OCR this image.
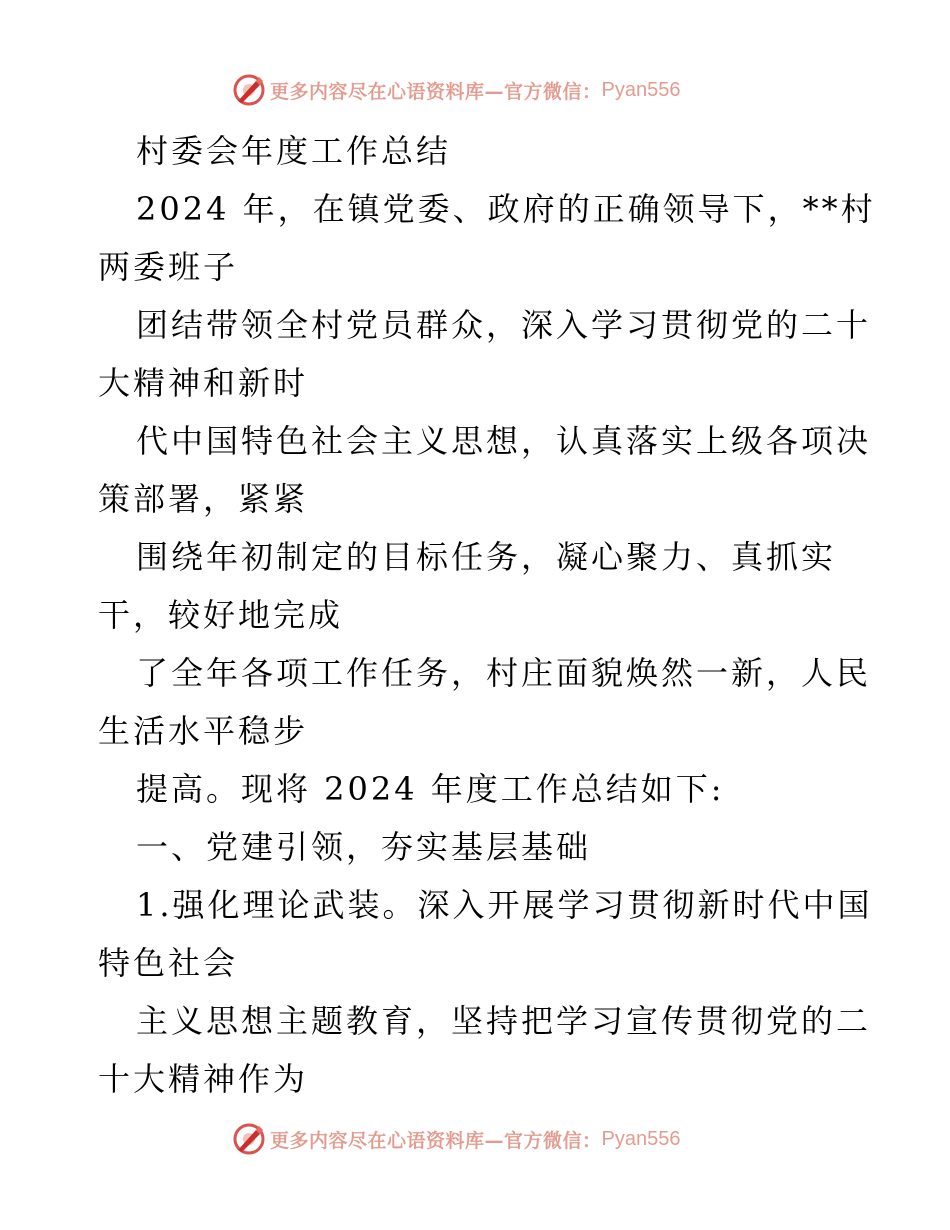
更多内容尽在心语资料库—官方微信： Pyan556
村委会年度工作总结
2024 年，在镇党委、政府的正确领导下，**村
两委班子
团结带领全村党员群众，深入学习贯彻党的二十
大精神和新时
代中国特色社会主义思想，认真落实上级各项决
策部署，紧紧
围绕年初制定的目标任务，凝心聚力、真抓实
干，较好地完成
了全年各项工作任务，村庄面貌焕然一新，人民
生活水平稳步
提高。现将 2024 年度工作总结如下:
一、党建引领，夯实基层基础
1.强化理论武装。深入开展学习贯彻新时代中国
特色社会
主义思想主题教育，坚持把学习宣传贯彻党的二
十大精神作为
更多内容尽在心语资料库—官方微信： Pyan556
